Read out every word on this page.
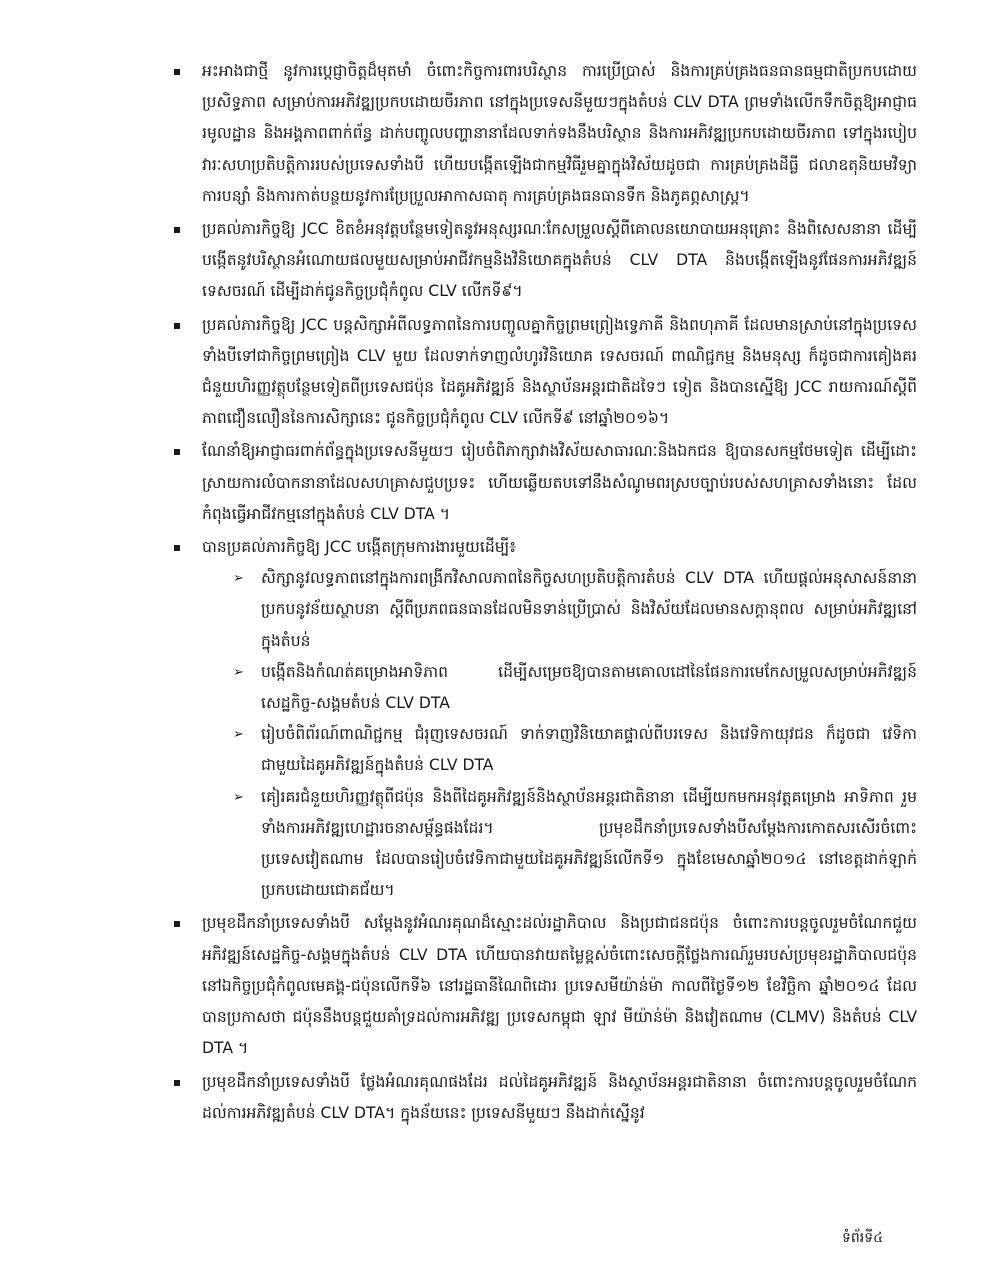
អះអាងជាថ្មី នូវការប្តេជ្ញាចិត្តដ៏មុតមាំ ចំពោះកិច្ចការពារបរិស្ថាន ការប្រើប្រាស់ និងការគ្រប់គ្រងធនធានធម្មជាតិប្រកបដោយប្រសិទ្ធភាព សម្រាប់ការអភិវឌ្ឍប្រកបដោយចីរភាព នៅក្នុងប្រទេសនីមួយៗក្នុងតំបន់ CLV DTA ព្រមទាំងលើកទឹកចិត្តឱ្យអាជ្ញាធរមូលដ្ឋាន និងអង្គភាពពាក់ព័ន្ធ ដាក់បញ្ចូលបញ្ហានានាដែលទាក់ទងនឹងបរិស្ថាន និងការអភិវឌ្ឍប្រកបដោយចីរភាព ទៅក្នុងរបៀបវារៈសហប្រតិបត្តិការរបស់ប្រទេសទាំងបី ហើយបង្កើតឡើងជាកម្មវិធីរួមគ្នាក្នុងវិស័យដូចជា ការគ្រប់គ្រងដីធ្លី ជលាឧតុនិយមវិទ្យា ការបន្សាំ និងការកាត់បន្ថយនូវការប្រែប្រួលអាកាសធាតុ ការគ្រប់គ្រងធនធានទឹក និងភូគព្ភសាស្ត្រ។
ប្រគល់ភារកិច្ចឱ្យ JCC ខិតខំអនុវត្តបន្ថែមទៀតនូវអនុស្សរណៈកែសម្រួលស្តីពីគោលនយោបាយអនុគ្រោះ និងពិសេសនានា ដើម្បីបង្កើតនូវបរិស្ថានអំណោយផលមួយសម្រាប់អាជីវកម្មនិងវិនិយោគក្នុងតំបន់ CLV DTA និងបង្កើតឡើងនូវផែនការអភិវឌ្ឍន៍ទេសចរណ៍ ដើម្បីដាក់ជូនកិច្ចប្រជុំកំពូល CLV លើកទី៩។
ប្រគល់ភារកិច្ចឱ្យ JCC បន្តសិក្សាអំពីលទ្ធភាពនៃការបញ្ចូលគ្នាកិច្ចព្រមព្រៀងទ្វេភាគី និងពហុភាគី ដែលមានស្រាប់នៅក្នុងប្រទេសទាំងបីទៅជាកិច្ចព្រមព្រៀង CLV មួយ ដែលទាក់ទាញលំហូរវិនិយោគ ទេសចរណ៍ ពាណិជ្ជកម្ម និងមនុស្ស ក៏ដូចជាការគៀងគរជំនួយហិរញ្ញវត្ថុបន្ថែមទៀតពីប្រទេសជប៉ុន ដៃគូអភិវឌ្ឍន៍ និងស្ថាប័នអន្តរជាតិដទៃៗ ទៀត និងបានស្នើឱ្យ JCC រាយការណ៍ស្តីពីភាពជឿនលឿននៃការសិក្សានេះ ជូនកិច្ចប្រជុំកំពូល CLV លើកទី៩ នៅឆ្នាំ២០១៦។
ណែនាំឱ្យអាជ្ញាធរពាក់ព័ន្ធក្នុងប្រទេសនីមួយៗ រៀបចំពិភាក្សាវាងវិស័យសាធារណៈនិងឯកជន ឱ្យបានសកម្មថែមទៀត ដើម្បីដោះស្រាយការលំបាកនានាដែលសហគ្រាសជួបប្រទះ ហើយឆ្លើយតបទៅនឹងសំណូមពរស្របច្បាប់របស់សហគ្រាសទាំងនោះ ដែលកំពុងធ្វើអាជីវកម្មនៅក្នុងតំបន់ CLV DTA ។
បានប្រគល់ភារកិច្ចឱ្យ JCC បង្កើតក្រុមការងារមួយដើម្បី៖
➢ សិក្សានូវលទ្ធភាពនៅក្នុងការពង្រីកវិសាលភាពនៃកិច្ចសហប្រតិបត្តិការតំបន់ CLV DTA ហើយផ្តល់អនុសាសន៍នានាប្រកបនូវន័យស្ថាបនា ស្តីពីប្រភពធនធានដែលមិនទាន់ប្រើប្រាស់ និងវិស័យដែលមានសក្តានុពល សម្រាប់អភិវឌ្ឍនៅក្នុងតំបន់
➢ បង្កើតនិងកំណត់គម្រោងអាទិភាព ដើម្បីសម្រេចឱ្យបានតាមគោលដៅនៃផែនការមេកែសម្រួលសម្រាប់អភិវឌ្ឍន៍សេដ្ឋកិច្ច-សង្គមតំបន់ CLV DTA
➢ រៀបចំពិព័រណ៍ពាណិជ្ជកម្ម ជំរុញទេសចរណ៍ ទាក់ទាញវិនិយោគផ្ទាល់ពីបរទេស និងវេទិកាយុវជន ក៏ដូចជា វេទិកាជាមួយដៃគូអភិវឌ្ឍន៍ក្នុងតំបន់ CLV DTA
➢ គៀរគរជំនួយហិរញ្ញវត្ថុពីជប៉ុន និងពីដៃគូអភិវឌ្ឍន៍និងស្ថាប័នអន្តរជាតិនានា ដើម្បីយកមកអនុវត្តគម្រោង អាទិភាព រួមទាំងការអភិវឌ្ឍហេដ្ឋារចនាសម្ព័ន្ធផងដែរ។ ប្រមុខដឹកនាំប្រទេសទាំងបីសម្តែងការកោតសរសើរចំពោះប្រទេសវៀតណាម ដែលបានរៀបចំវេទិកាជាមួយដៃគូអភិវឌ្ឍន៍លើកទី១ ក្នុងខែមេសាឆ្នាំ២០១៤ នៅខេត្តដាក់ឡាក់ប្រកបដោយជោគជ័យ។
ប្រមុខដឹកនាំប្រទេសទាំងបី សម្តែងនូវអំណរគុណដ៏ស្មោះដល់រដ្ឋាភិបាល និងប្រជាជនជប៉ុន ចំពោះការបន្តចូលរួមចំណែកជួយអភិវឌ្ឍន៍សេដ្ឋកិច្ច-សង្គមក្នុងតំបន់ CLV DTA ហើយបានវាយតម្លៃខ្ពស់ចំពោះសេចក្តីថ្លែងការណ៍រួមរបស់ប្រមុខរដ្ឋាភិបាលជប៉ុននៅឯកិច្ចប្រជុំកំពូលមេគង្គ-ជប៉ុនលើកទី៦ នៅរដ្ឋធានីណៃពិដោរ ប្រទេសមីយ៉ាន់ម៉ា កាលពីថ្ងៃទី១២ ខែវិច្ឆិកា ឆ្នាំ២០១៤ ដែលបានប្រកាសថា ជប៉ុននឹងបន្តជួយគាំទ្រដល់ការអភិវឌ្ឍ ប្រទេសកម្ពុជា ឡាវ មីយ៉ាន់ម៉ា និងវៀតណាម (CLMV) និងតំបន់ CLV DTA ។
ប្រមុខដឹកនាំប្រទេសទាំងបី ថ្លែងអំណរគុណផងដែរ ដល់ដៃគូអភិវឌ្ឍន៍ និងស្ថាប័នអន្តរជាតិនានា ចំពោះការបន្តចូលរួមចំណែកដល់ការអភិវឌ្ឍតំបន់ CLV DTA។ ក្នុងន័យនេះ ប្រទេសនីមួយៗ នឹងដាក់ស្នើនូវ
ទំព័រទី៤
